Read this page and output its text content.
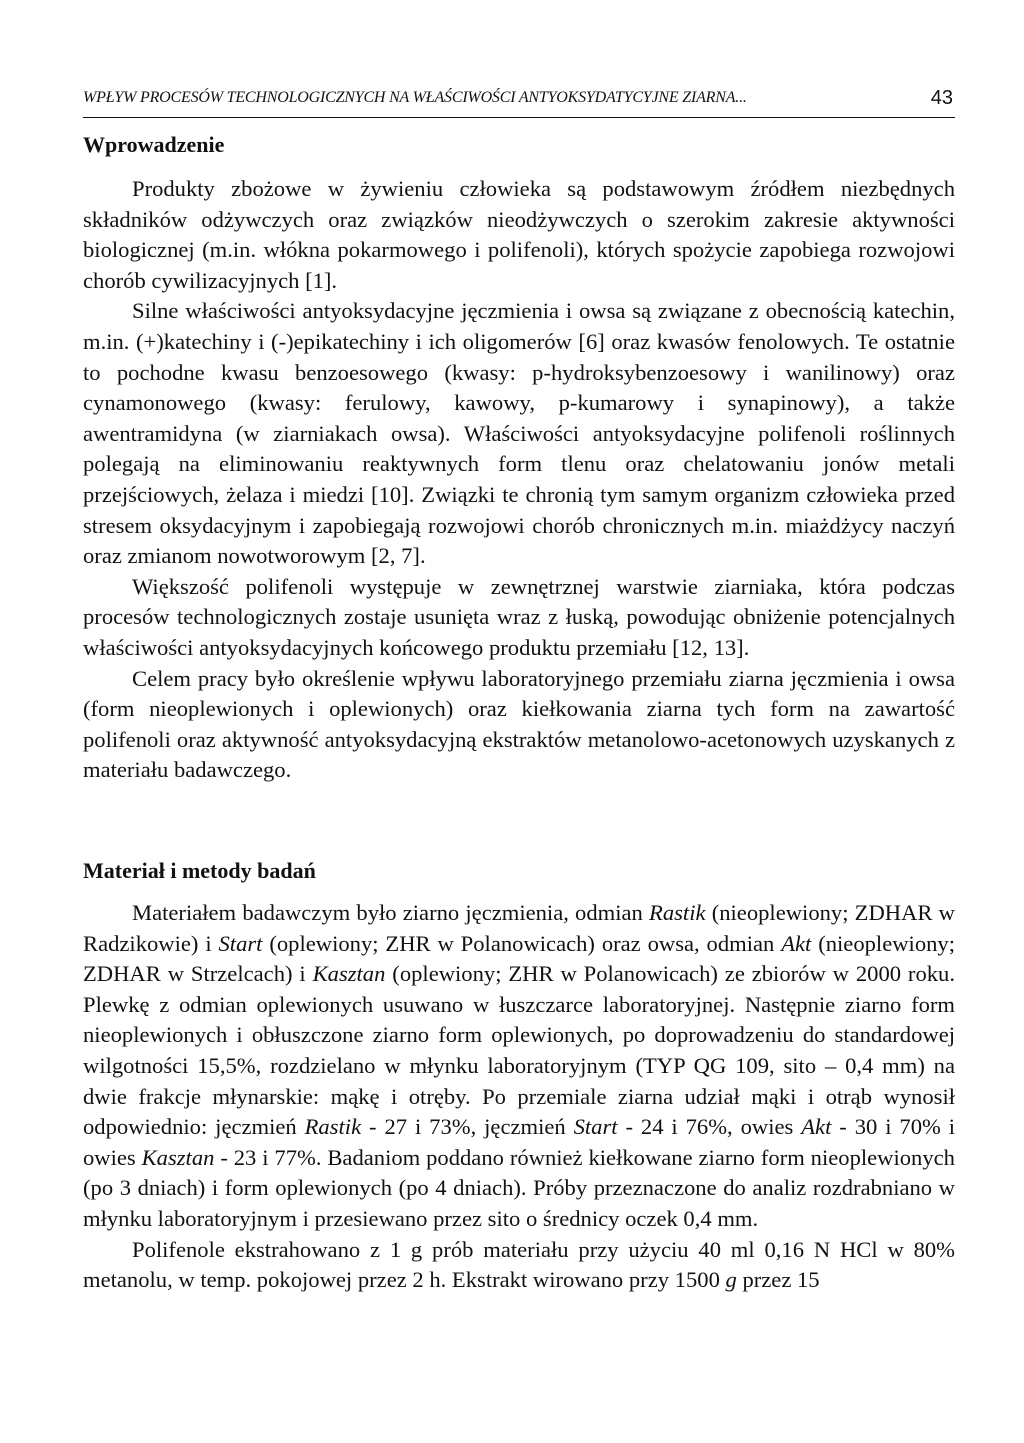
WPŁYW PROCESÓW TECHNOLOGICZNYCH NA WŁAŚCIWOŚCI ANTYOKSYDATYCYJNE ZIARNA...	43
Wprowadzenie

Produkty zbożowe w żywieniu człowieka są podstawowym źródłem niezbędnych składników odżywczych oraz związków nieodżywczych o szerokim zakresie aktywności biologicznej (m.in. włókna pokarmowego i polifenoli), których spożycie zapobiega rozwojowi chorób cywilizacyjnych [1].

Silne właściwości antyoksydacyjne jęczmienia i owsa są związane z obecnością katechin, m.in. (+)katechiny i (-)epikatechiny i ich oligomerów [6] oraz kwasów fenolowych. Te ostatnie to pochodne kwasu benzoesowego (kwasy: p-hydroksybenzoesowy i wanilinowy) oraz cynamonowego (kwasy: ferulowy, kawowy, p-kumarowy i synapinowy), a także awentramidyna (w ziarniakach owsa). Właściwości antyoksydacyjne polifenoli roślinnych polegają na eliminowaniu reaktywnych form tlenu oraz chelatowaniu jonów metali przejściowych, żelaza i miedzi [10]. Związki te chronią tym samym organizm człowieka przed stresem oksydacyjnym i zapobiegają rozwojowi chorób chronicznych m.in. miażdżycy naczyń oraz zmianom nowotworowym [2, 7].

Większość polifenoli występuje w zewnętrznej warstwie ziarniaka, która podczas procesów technologicznych zostaje usunięta wraz z łuską, powodując obniżenie potencjalnych właściwości antyoksydacyjnych końcowego produktu przemiału [12, 13].

Celem pracy było określenie wpływu laboratoryjnego przemiału ziarna jęczmienia i owsa (form nieoplewionych i oplewionych) oraz kiełkowania ziarna tych form na zawartość polifenoli oraz aktywność antyoksydacyjną ekstraktów metanolowo-acetonowych uzyskanych z materiału badawczego.

Materiał i metody badań

Materiałem badawczym było ziarno jęczmienia, odmian Rastik (nieoplewiony; ZDHAR w Radzikowie) i Start (oplewiony; ZHR w Polanowicach) oraz owsa, odmian Akt (nieoplewiony; ZDHAR w Strzelcach) i Kasztan (oplewiony; ZHR w Polanowicach) ze zbiorów w 2000 roku. Plewkę z odmian oplewionych usuwano w łuszczarce laboratoryjnej. Następnie ziarno form nieoplewionych i obłuszczone ziarno form oplewionych, po doprowadzeniu do standardowej wilgotności 15,5%, rozdzielano w młynku laboratoryjnym (TYP QG 109, sito – 0,4 mm) na dwie frakcje młynarskie: mąkę i otręby. Po przemiale ziarna udział mąki i otrąb wynosił odpowiednio: jęczmień Rastik - 27 i 73%, jęczmień Start - 24 i 76%, owies Akt - 30 i 70% i owies Kasztan - 23 i 77%. Badaniom poddano również kiełkowane ziarno form nieoplewionych (po 3 dniach) i form oplewionych (po 4 dniach). Próby przeznaczone do analiz rozdrabniano w młynku laboratoryjnym i przesiewano przez sito o średnicy oczek 0,4 mm.

Polifenole ekstrahowano z 1 g prób materiału przy użyciu 40 ml 0,16 N HCl w 80% metanolu, w temp. pokojowej przez 2 h. Ekstrakt wirowano przy 1500 g przez 15
